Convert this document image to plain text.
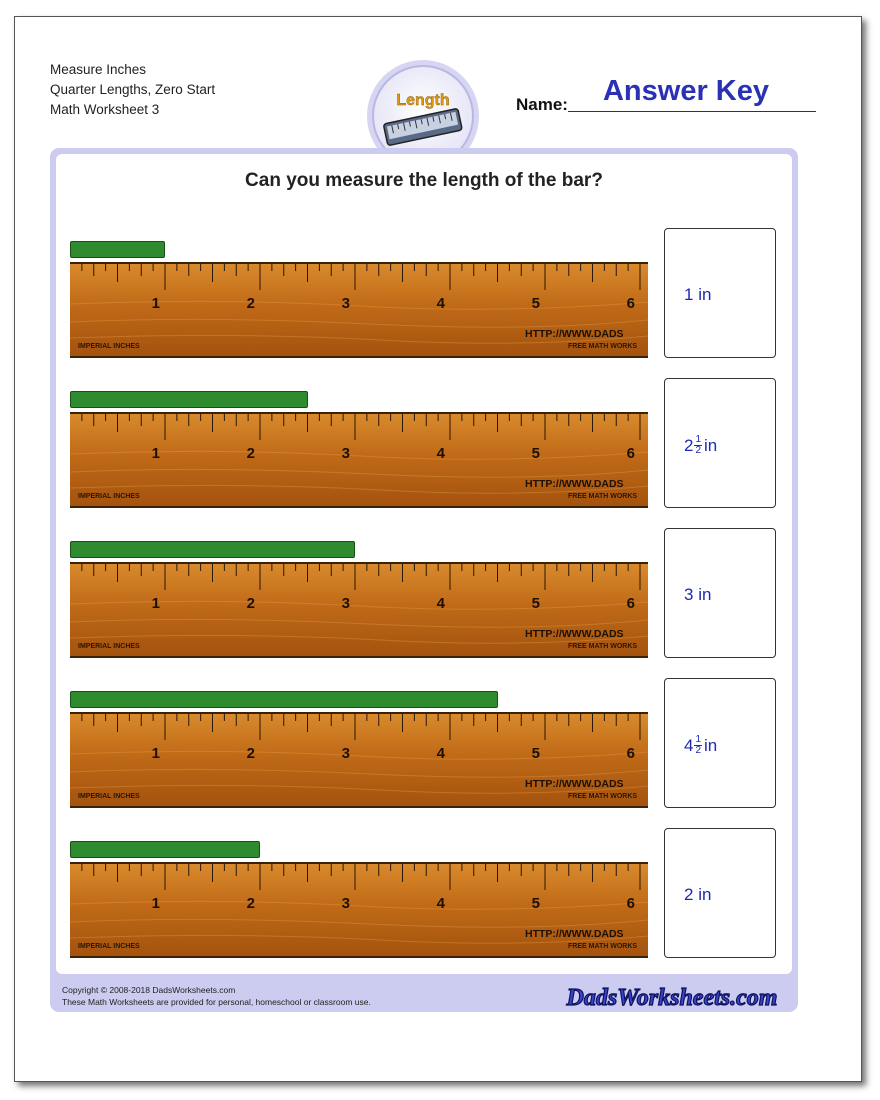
Measure Inches
Quarter Lengths, Zero Start
Math Worksheet 3
Length	Name:	Answer Key
Can you measure the length of the bar?
1	2	3	4	5	6
IMPERIAL INCHES
HTTP://WWW.DADS
FREE MATH WORKS
1 in
1	2	3	4	5	6
IMPERIAL INCHES
HTTP://WWW.DADS
FREE MATH WORKS
$2 \frac{1}{2}$ in
1	2	3	4	5	6
IMPERIAL INCHES
HTTP://WWW.DADS
FREE MATH WORKS
3 in
1	2	3	4	5	6
IMPERIAL INCHES
HTTP://WWW.DADS
FREE MATH WORKS
$4 \frac{1}{2}$ in
1	2	3	4	5	6
IMPERIAL INCHES
HTTP://WWW.DADS
FREE MATH WORKS
2 in
Copyright © 2008-2018 DadsWorksheets.com
These Math Worksheets are provided for personal, homeschool or classroom use.	DadsWorksheets.com
